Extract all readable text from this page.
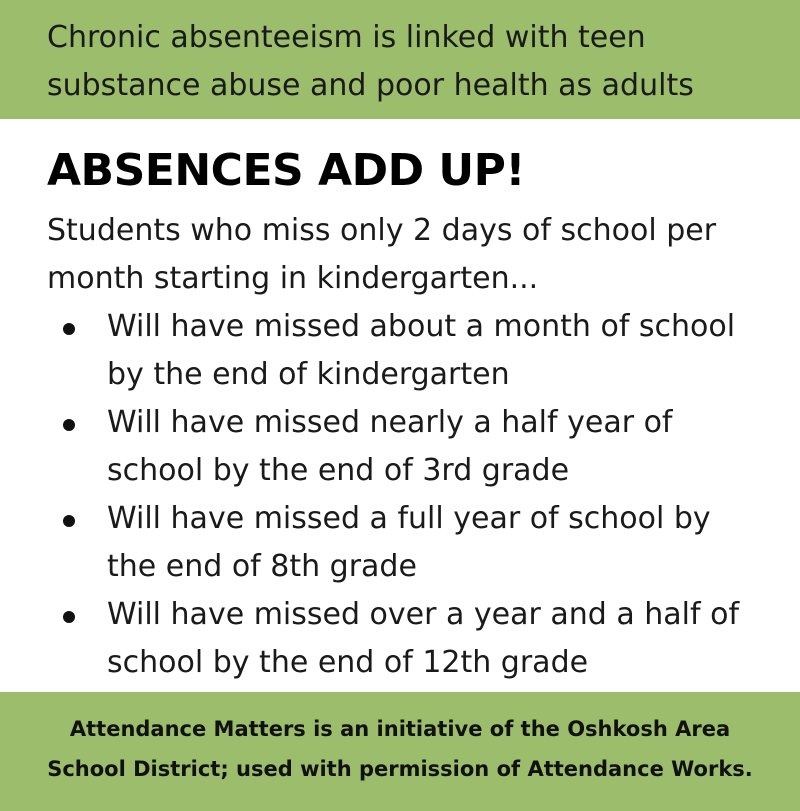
Chronic absenteeism is linked with teen
substance abuse and poor health as adults

ABSENCES ADD UP!

Students who miss only 2 days of school per
month starting in kindergarten...

Will have missed about a month of school
by the end of kindergarten
Will have missed nearly a half year of
school by the end of 3rd grade
Will have missed a full year of school by
the end of 8th grade
Will have missed over a year and a half of
school by the end of 12th grade

Attendance Matters is an initiative of the Oshkosh Area
School District; used with permission of Attendance Works.
